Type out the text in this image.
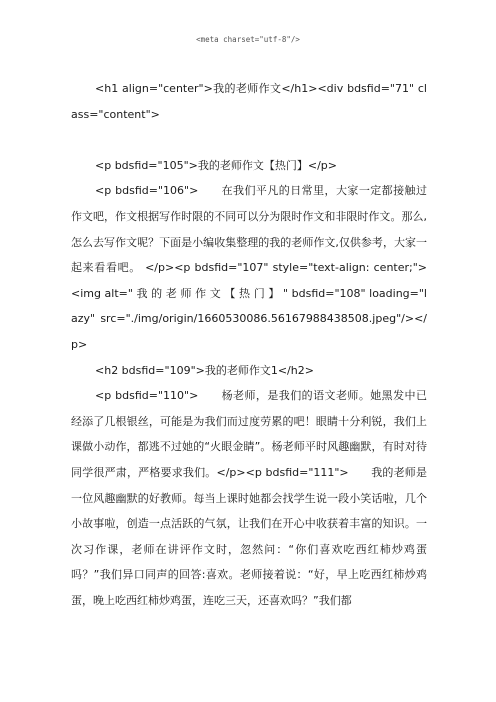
<meta charset="utf-8"/>

<h1 align="center">我的老师作文</h1><div bdsfid="71" class="content">

<p bdsfid="105">我的老师作文【热门】</p>

<p bdsfid="106">　　在我们平凡的日常里，大家一定都接触过作文吧，作文根据写作时限的不同可以分为限时作文和非限时作文。那么,怎么去写作文呢？下面是小编收集整理的我的老师作文,仅供参考，大家一起来看看吧。 </p><p bdsfid="107" style="text-align: center;"><img alt=" 我 的 老 师 作 文 【 热 门 】 " bdsfid="108" loading="lazy" src="./img/origin/1660530086.56167988438508.jpeg"/></p>

<h2 bdsfid="109">我的老师作文1</h2>

<p bdsfid="110">　　杨老师，是我们的语文老师。她黑发中已经添了几根银丝，可能是为我们而过度劳累的吧！眼睛十分利锐，我们上课做小动作，都逃不过她的“火眼金睛”。杨老师平时风趣幽默，有时对待同学很严肃，严格要求我们。</p><p bdsfid="111">　　我的老师是一位风趣幽默的好教师。每当上课时她都会找学生说一段小笑话啦，几个小故事啦，创造一点活跃的气氛，让我们在开心中收获着丰富的知识。一次习作课，老师在讲评作文时，忽然问：“你们喜欢吃西红柿炒鸡蛋吗？”我们异口同声的回答:喜欢。老师接着说：“好，早上吃西红柿炒鸡蛋，晚上吃西红柿炒鸡蛋，连吃三天，还喜欢吗？”我们都
